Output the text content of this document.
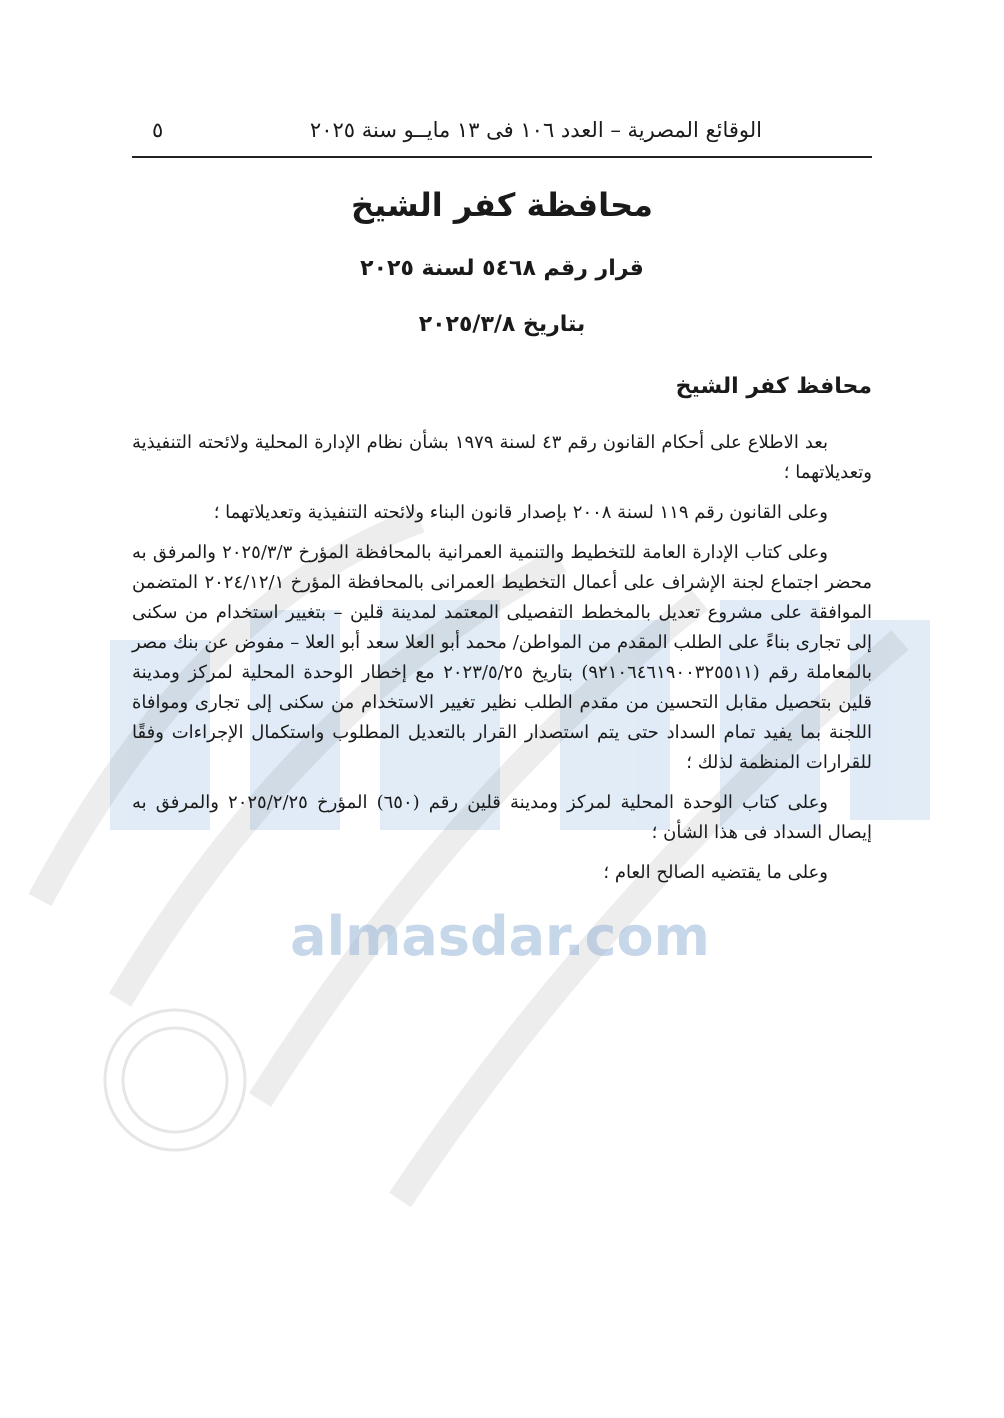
almasdar.com
الوقائع المصرية – العدد ١٠٦ فى ١٣ مايــو سنة ٢٠٢٥
٥
محافظة كفر الشيخ
قرار رقم ٥٤٦٨ لسنة ٢٠٢٥
بتاريخ ٢٠٢٥/٣/٨
محافظ كفر الشيخ

بعد الاطلاع على أحكام القانون رقم ٤٣ لسنة ١٩٧٩ بشأن نظام الإدارة المحلية ولائحته التنفيذية وتعديلاتهما ؛

وعلى القانون رقم ١١٩ لسنة ٢٠٠٨ بإصدار قانون البناء ولائحته التنفيذية وتعديلاتهما ؛

وعلى كتاب الإدارة العامة للتخطيط والتنمية العمرانية بالمحافظة المؤرخ ٢٠٢٥/٣/٣ والمرفق به محضر اجتماع لجنة الإشراف على أعمال التخطيط العمرانى بالمحافظة المؤرخ ٢٠٢٤/١٢/١ المتضمن الموافقة على مشروع تعديل بالمخطط التفصيلى المعتمد لمدينة قلين – بتغيير استخدام من سكنى إلى تجارى بناءً على الطلب المقدم من المواطن/ محمد أبو العلا سعد أبو العلا – مفوض عن بنك مصر بالمعاملة رقم (٩٢١٠٦٤٦١٩٠٠٣٢٥٥١١) بتاريخ ٢٠٢٣/٥/٢٥ مع إخطار الوحدة المحلية لمركز ومدينة قلين بتحصيل مقابل التحسين من مقدم الطلب نظير تغيير الاستخدام من سكنى إلى تجارى وموافاة اللجنة بما يفيد تمام السداد حتى يتم استصدار القرار بالتعديل المطلوب واستكمال الإجراءات وفقًا للقرارات المنظمة لذلك ؛

وعلى كتاب الوحدة المحلية لمركز ومدينة قلين رقم (٦٥٠) المؤرخ ٢٠٢٥/٢/٢٥ والمرفق به إيصال السداد فى هذا الشأن ؛

وعلى ما يقتضيه الصالح العام ؛
